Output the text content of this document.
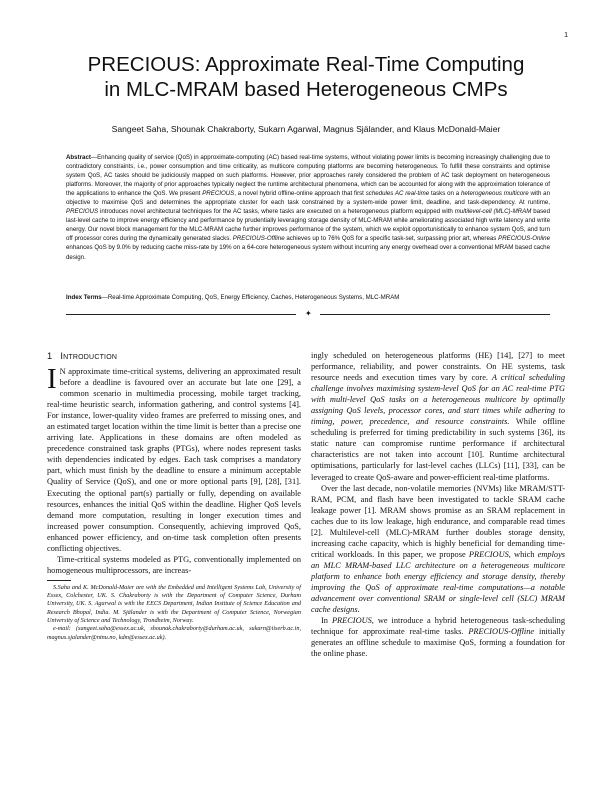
1
PRECIOUS: Approximate Real-Time Computing
in MLC-MRAM based Heterogeneous CMPs
Sangeet Saha, Shounak Chakraborty, Sukarn Agarwal, Magnus Själander, and Klaus McDonald-Maier

Abstract—Enhancing quality of service (QoS) in approximate-computing (AC) based real-time systems, without violating power limits is becoming increasingly challenging due to contradictory constraints, i.e., power consumption and time criticality, as multicore computing platforms are becoming heterogeneous. To fulfill these constraints and optimise system QoS, AC tasks should be judiciously mapped on such platforms. However, prior approaches rarely considered the problem of AC task deployment on heterogeneous platforms. Moreover, the majority of prior approaches typically neglect the runtime architectural phenomena, which can be accounted for along with the approximation tolerance of the applications to enhance the QoS. We present PRECIOUS, a novel hybrid offline-online approach that first schedules AC real-time tasks on a heterogeneous multicore with an objective to maximise QoS and determines the appropriate cluster for each task constrained by a system-wide power limit, deadline, and task-dependency. At runtime, PRECIOUS introduces novel architectural techniques for the AC tasks, where tasks are executed on a heterogeneous platform equipped with multilevel-cell (MLC)-MRAM based last-level cache to improve energy efficiency and performance by prudentially leveraging storage density of MLC-MRAM while ameliorating associated high write latency and write energy. Our novel block management for the MLC-MRAM cache further improves performance of the system, which we exploit opportunistically to enhance system QoS, and turn off processor cores during the dynamically generated slacks. PRECIOUS-Offline achieves up to 76% QoS for a specific task-set, surpassing prior art, whereas PRECIOUS-Online enhances QoS by 9.0% by reducing cache miss-rate by 19% on a 64-core heterogeneous system without incurring any energy overhead over a conventional MRAM based cache design.

Index Terms—Real-time Approximate Computing, QoS, Energy Efficiency, Caches, Heterogeneous Systems, MLC-MRAM

✦
1 INTRODUCTION

I N approximate time-critical systems, delivering an approximated result before a deadline is favoured over an accurate but late one [29], a common scenario in multimedia processing, mobile target tracking, real-time heuristic search, information gathering, and control systems [4]. For instance, lower-quality video frames are preferred to missing ones, and an estimated target location within the time limit is better than a precise one arriving late. Applications in these domains are often modeled as precedence constrained task graphs (PTGs), where nodes represent tasks with dependencies indicated by edges. Each task comprises a mandatory part, which must finish by the deadline to ensure a minimum acceptable Quality of Service (QoS), and one or more optional parts [9], [28], [31]. Executing the optional part(s) partially or fully, depending on available resources, enhances the initial QoS within the deadline. Higher QoS levels demand more computation, resulting in longer execution times and increased power consumption. Consequently, achieving improved QoS, enhanced power efficiency, and on-time task completion often presents conflicting objectives.

Time-critical systems modeled as PTG, conventionally implemented on homogeneous multiprocessors, are increas-

S.Saha and K. McDonald-Maier are with the Embedded and Intelligent Systems Lab, University of Essex, Colchester, UK. S. Chakraborty is with the Department of Computer Science, Durham University, UK. S. Agarwal is with the EECS Department, Indian Institute of Science Education and Research Bhopal, India. M. Själander is with the Department of Computer Science, Norwegian University of Science and Technology, Trondheim, Norway.

e-mail: (sangeet.saha@essex.ac.uk, shounak.chakraborty@durham.ac.uk, sukarn@iiserb.ac.in, magnus.sjalander@ntnu.no, kdm@essex.ac.uk).

ingly scheduled on heterogeneous platforms (HE) [14], [27] to meet performance, reliability, and power constraints. On HE systems, task resource needs and execution times vary by core. A critical scheduling challenge involves maximising system-level QoS for an AC real-time PTG with multi-level QoS tasks on a heterogeneous multicore by optimally assigning QoS levels, processor cores, and start times while adhering to timing, power, precedence, and resource constraints. While offline scheduling is preferred for timing predictability in such systems [36], its static nature can compromise runtime performance if architectural characteristics are not taken into account [10]. Runtime architectural optimisations, particularly for last-level caches (LLCs) [11], [33], can be leveraged to create QoS-aware and power-efficient real-time platforms.

Over the last decade, non-volatile memories (NVMs) like MRAM/STT-RAM, PCM, and flash have been investigated to tackle SRAM cache leakage power [1]. MRAM shows promise as an SRAM replacement in caches due to its low leakage, high endurance, and comparable read times [2]. Multilevel-cell (MLC)-MRAM further doubles storage density, increasing cache capacity, which is highly beneficial for demanding time-critical workloads. In this paper, we propose PRECIOUS, which employs an MLC MRAM-based LLC architecture on a heterogeneous multicore platform to enhance both energy efficiency and storage density, thereby improving the QoS of approximate real-time computations—a notable advancement over conventional SRAM or single-level cell (SLC) MRAM cache designs.

In PRECIOUS, we introduce a hybrid heterogeneous task-scheduling technique for approximate real-time tasks. PRECIOUS-Offline initially generates an offline schedule to maximise QoS, forming a foundation for the online phase.
